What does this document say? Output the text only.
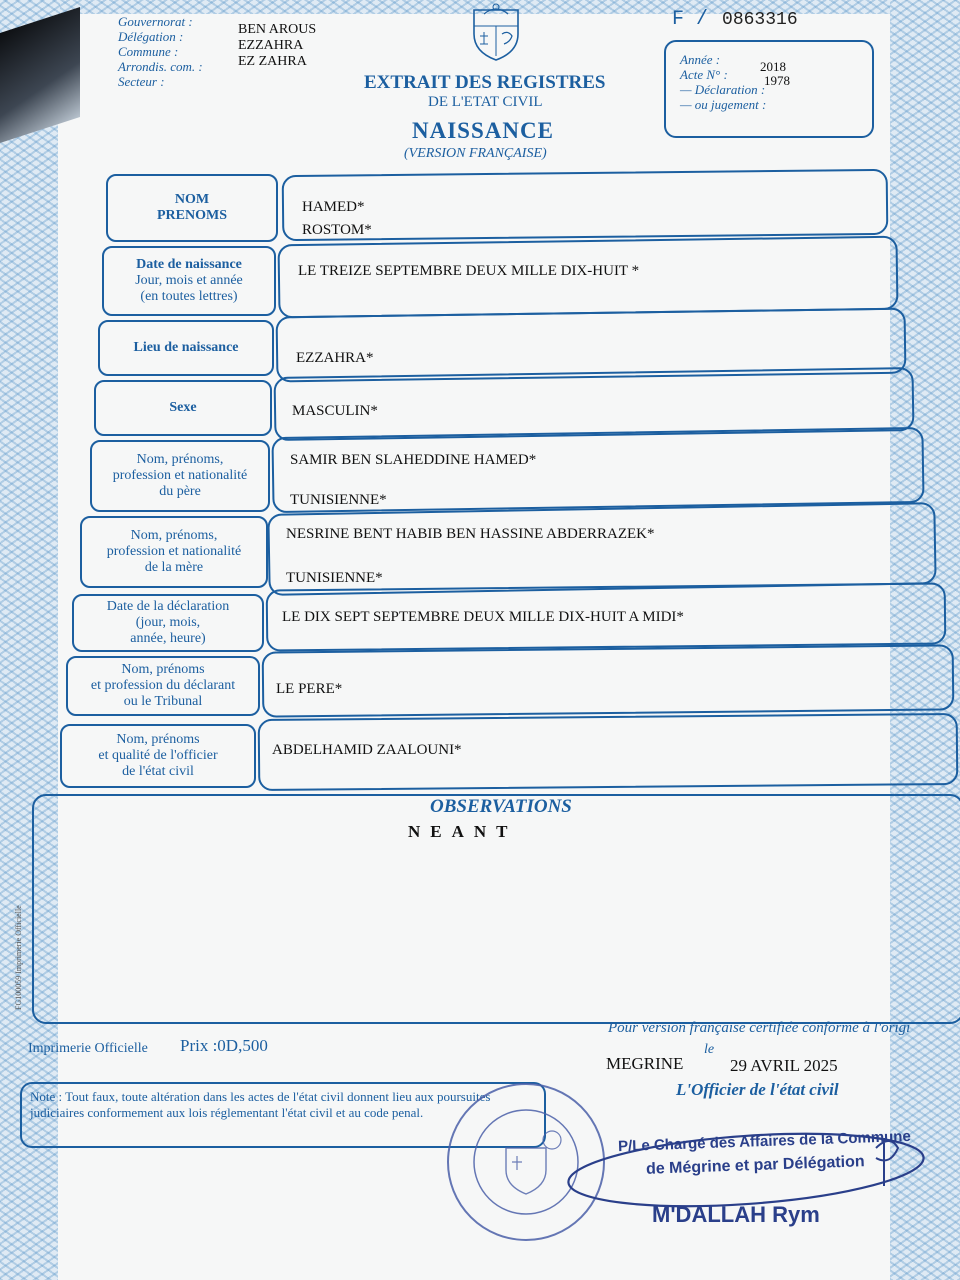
Gouvernorat :
Délégation :
Commune :
Arrondis. com. :
Secteur :
BEN AROUS
EZZAHRA
EZ ZAHRA
EXTRAIT DES REGISTRES
DE L'ETAT CIVIL
NAISSANCE
(VERSION FRANÇAISE)
F / 0863316
Année :
Acte N° :
— Déclaration :
— ou jugement :
2018
1978
NOM
PRENOMS
HAMED*
ROSTOM*
Date de naissance
Jour, mois et année
(en toutes lettres)
LE TREIZE SEPTEMBRE DEUX MILLE DIX-HUIT *
Lieu de naissance
EZZAHRA*
Sexe	MASCULIN*
Nom, prénoms,
profession et nationalité
du père
SAMIR BEN SLAHEDDINE HAMED*
TUNISIENNE*
Nom, prénoms,
profession et nationalité
de la mère
NESRINE BENT HABIB BEN HASSINE ABDERRAZEK*
TUNISIENNE*
Date de la déclaration
(jour, mois,
année, heure)
LE DIX SEPT SEPTEMBRE DEUX MILLE DIX-HUIT A MIDI*
Nom, prénoms
et profession du déclarant
ou le Tribunal
LE PERE*
Nom, prénoms
et qualité de l'officier
de l'état civil
ABDELHAMID ZAALOUNI*
OBSERVATIONS
NEANT
FG100059 Imprimerie Officielle
Imprimerie Officielle Prix :0D,500
Pour version française certifiée conforme à l'origi
MEGRINE
le
29 AVRIL 2025
L'Officier de l'état civil
Note : Tout faux, toute altération dans les actes de l'état civil donnent lieu aux poursuites judiciaires conformement aux lois réglementant l'état civil et au code penal.
P/Le Chargé des Affaires de la Commune
de Mégrine et par Délégation
M'DALLAH Rym
